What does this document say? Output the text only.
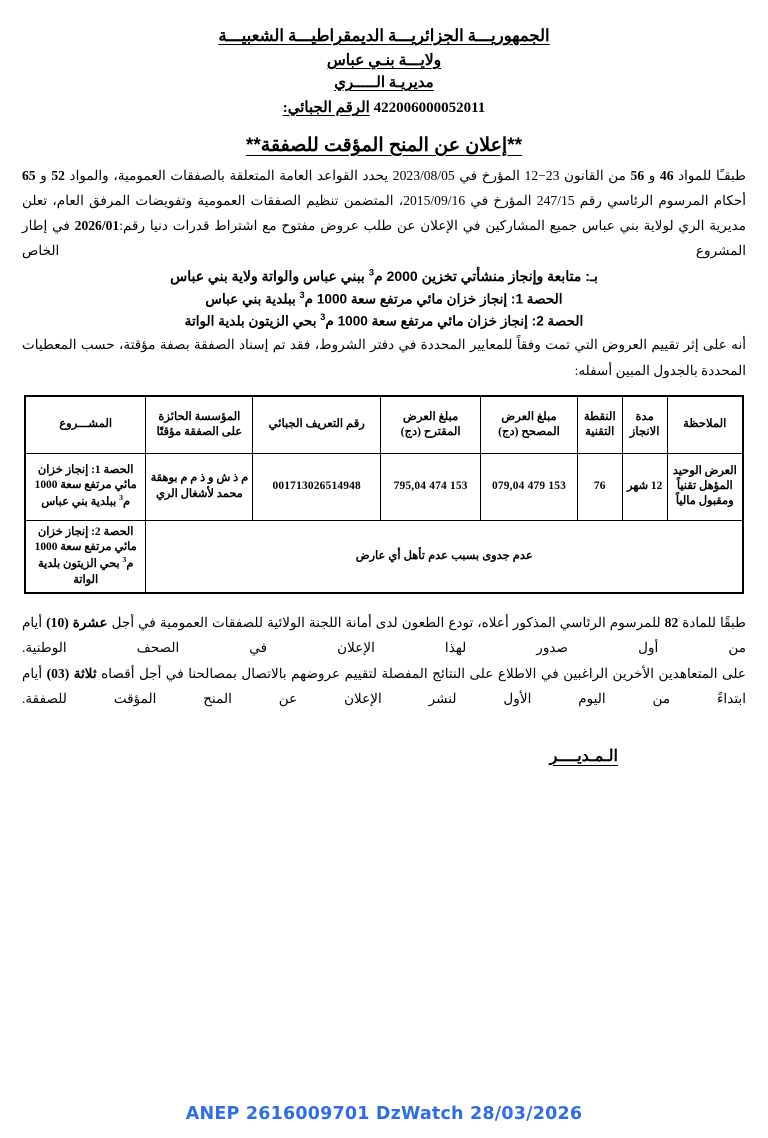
الجمهوريـــة الجزائريـــة الديمقراطيـــة الشعبيـــة
ولايـــة بنـي عباس
مديريـة الـــــري
422006000052011 الرقم الجبائي:
**إعلان عن المنح المؤقت للصفقة**

طبقـًا للمواد 46 و 56 من القانون 23−12 المؤرخ في 2023/08/05 يحدد القواعد العامة المتعلقة بالصفقات العمومية، والمواد 52 و 65 أحكام المرسوم الرئاسي رقم 247/15 المؤرخ في 2015/09/16، المتضمن تنظيم الصفقات العمومية وتفويضات المرفق العام، تعلن مديرية الري لولاية بني عباس جميع المشاركين في الإعلان عن طلب عروض مفتوح مع اشتراط قدرات دنيا رقم:2026/01 في إطار المشروع الخاص

بـ: متابعة وإنجاز منشأتي تخزين 2000 م$^3$ ببني عباس والواتة ولاية بني عباس

الحصة 1: إنجاز خزان مائي مرتفع سعة 1000 م$^3$ ببلدية بني عباس

الحصة 2: إنجاز خزان مائي مرتفع سعة 1000 م$^3$ بحي الزيتون بلدية الواتة

أنه على إثر تقييم العروض التي تمت وفقاً للمعايير المحددة في دفتر الشروط، فقد تم إسناد الصفقة بصفة مؤقتة، حسب المعطيات المحددة بالجدول المبين أسفله:

الملاحظة	مدة الانجاز	النقطة التقنية	مبلغ العرض المصحح (دج)	مبلغ العرض المقترح (دج)	رقم التعريف الجبائي	المؤسسة الحائزة على الصفقة مؤقتًا	المشـــروع
العرض الوحيد المؤهل تقنياً ومقبول مالياً	12 شهر	76	153 479 079,04	153 474 795,04	001713026514948	م ذ ش و ذ م م بوهقة محمد لأشغال الري	الحصة 1: إنجاز خزان مائي مرتفع سعة 1000 م$^3$ ببلدية بني عباس
عدم جدوى بسبب عدم تأهل أي عارض							الحصة 2: إنجاز خزان مائي مرتفع سعة 1000 م$^3$ بحي الزيتون بلدية الواتة

طبقًا للمادة 82 للمرسوم الرئاسي المذكور أعلاه، تودع الطعون لدى أمانة اللجنة الولائية للصفقات العمومية في أجل عشرة (10) أيام من أول صدور لهذا الإعلان في الصحف الوطنية.

على المتعاهدين الأخرين الراغبين في الاطلاع على النتائج المفصلة لتقييم عروضهم بالاتصال بمصالحنا في أجل أقصاه ثلاثة (03) أيام ابتداءً من اليوم الأول لنشر الإعلان عن المنح المؤقت للصفقة.

الـمـديــــر
ANEP 2616009701 DzWatch 28/03/2026
